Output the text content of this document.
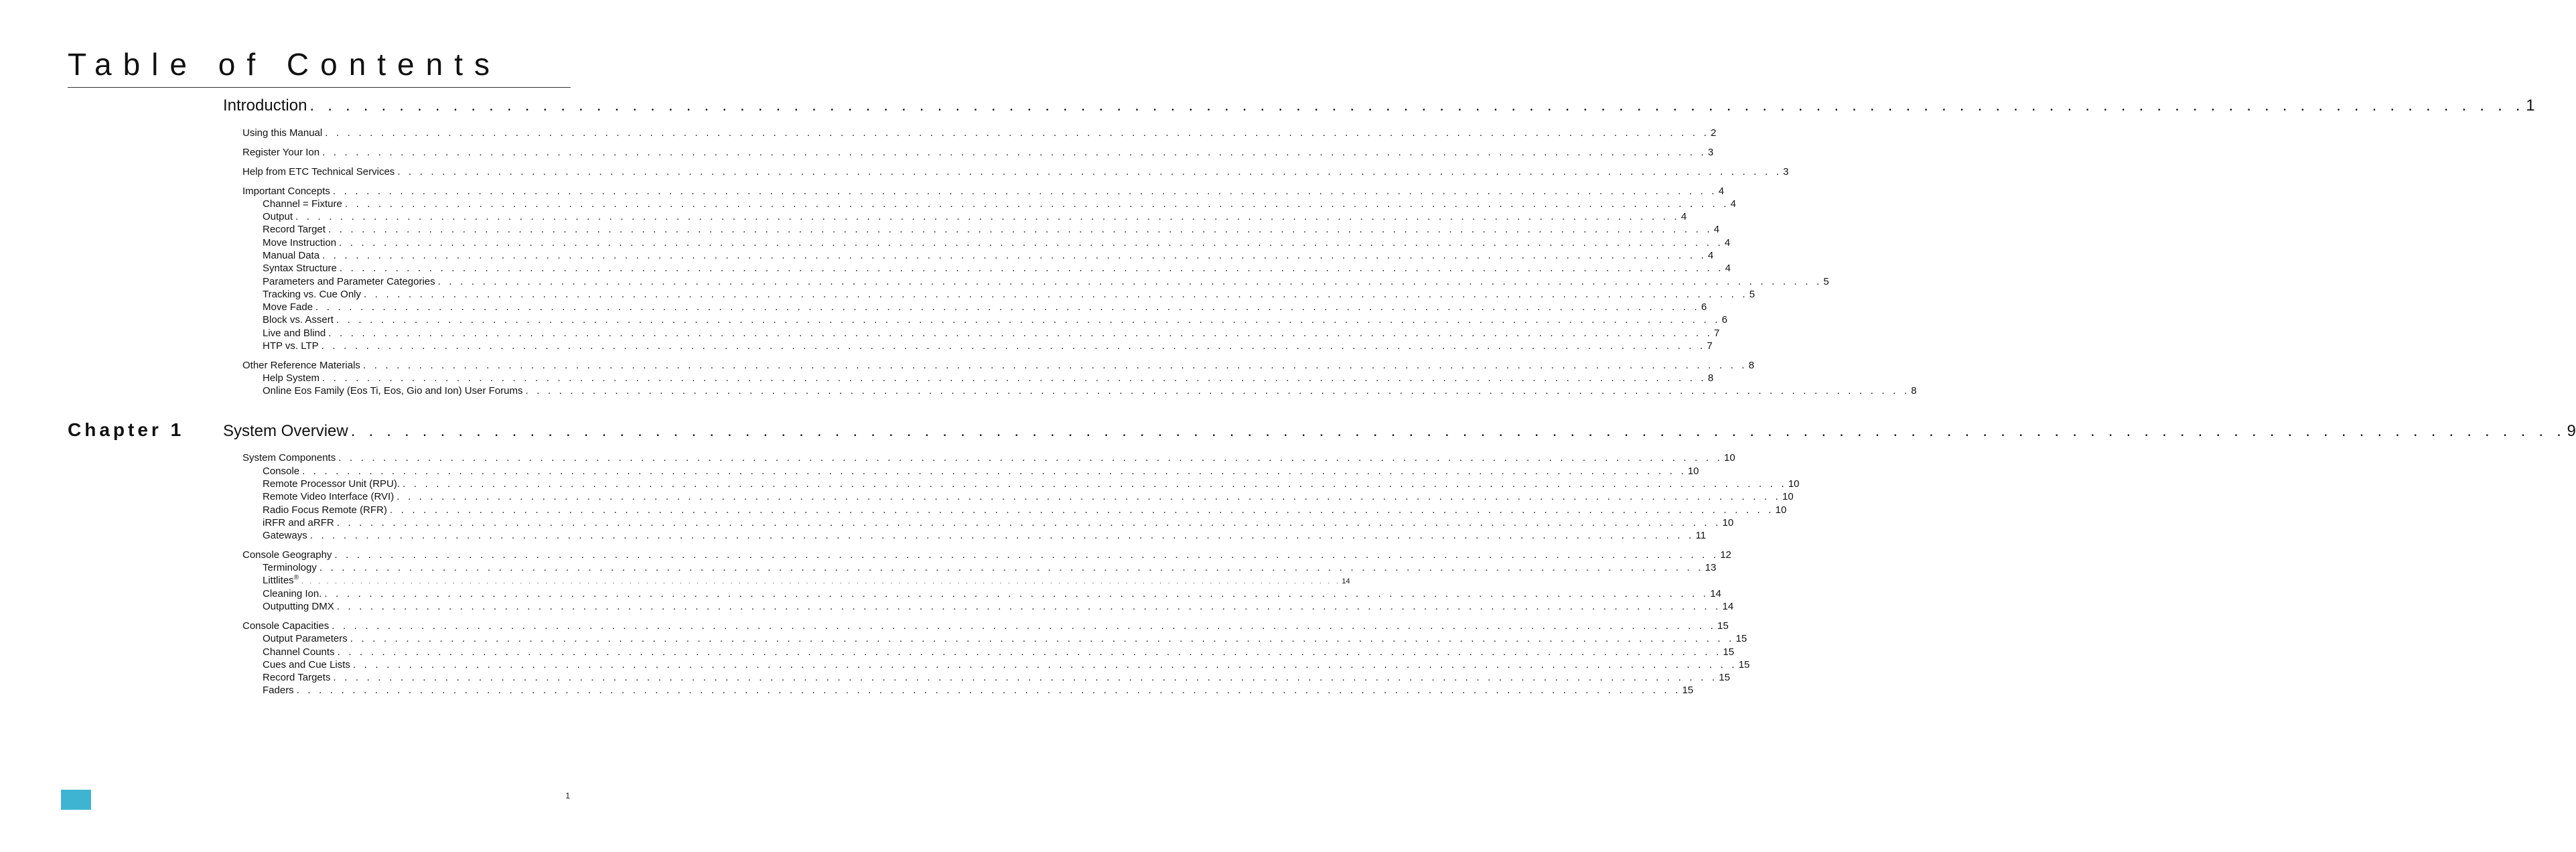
Table of Contents
Chapter 1
Introduction . . . . . . . . . . . . . . . . . . . . . . . . . . . . . . . . . . . . . . . . . . . . . . . . . . . . . . . . . . . . . . . . . . . . . . . . . . . . . . . . . . . . . . . . . . . . . . . . . . . . . . . . . . . . . . . . . . . . . . . . . . . . 1
Using this Manual . . . . . . . . . . . . . . . . . . . . . . . . . . . . . . . . . . . . . . . . . . . . . . . . . . . . . . . . . . . . . . . . . . . . . . . . . . . . . . . . . . . . . . . . . . . . . . . . . . . . . . . . . . . . . . . . . . . . . . . . . . . . 2
Register Your Ion . . . . . . . . . . . . . . . . . . . . . . . . . . . . . . . . . . . . . . . . . . . . . . . . . . . . . . . . . . . . . . . . . . . . . . . . . . . . . . . . . . . . . . . . . . . . . . . . . . . . . . . . . . . . . . . . . . . . . . . . . . . . 3
Help from ETC Technical Services . . . . . . . . . . . . . . . . . . . . . . . . . . . . . . . . . . . . . . . . . . . . . . . . . . . . . . . . . . . . . . . . . . . . . . . . . . . . . . . . . . . . . . . . . . . . . . . . . . . . . . . . . . . . . . . . . . . . . . . . . . . . 3
Important Concepts . . . . . . . . . . . . . . . . . . . . . . . . . . . . . . . . . . . . . . . . . . . . . . . . . . . . . . . . . . . . . . . . . . . . . . . . . . . . . . . . . . . . . . . . . . . . . . . . . . . . . . . . . . . . . . . . . . . . . . . . . . . . 4
Channel = Fixture . . . . . . . . . . . . . . . . . . . . . . . . . . . . . . . . . . . . . . . . . . . . . . . . . . . . . . . . . . . . . . . . . . . . . . . . . . . . . . . . . . . . . . . . . . . . . . . . . . . . . . . . . . . . . . . . . . . . . . . . . . . . 4
Output . . . . . . . . . . . . . . . . . . . . . . . . . . . . . . . . . . . . . . . . . . . . . . . . . . . . . . . . . . . . . . . . . . . . . . . . . . . . . . . . . . . . . . . . . . . . . . . . . . . . . . . . . . . . . . . . . . . . . . . . . . . . 4
Record Target . . . . . . . . . . . . . . . . . . . . . . . . . . . . . . . . . . . . . . . . . . . . . . . . . . . . . . . . . . . . . . . . . . . . . . . . . . . . . . . . . . . . . . . . . . . . . . . . . . . . . . . . . . . . . . . . . . . . . . . . . . . . 4
Move Instruction . . . . . . . . . . . . . . . . . . . . . . . . . . . . . . . . . . . . . . . . . . . . . . . . . . . . . . . . . . . . . . . . . . . . . . . . . . . . . . . . . . . . . . . . . . . . . . . . . . . . . . . . . . . . . . . . . . . . . . . . . . . . 4
Manual Data . . . . . . . . . . . . . . . . . . . . . . . . . . . . . . . . . . . . . . . . . . . . . . . . . . . . . . . . . . . . . . . . . . . . . . . . . . . . . . . . . . . . . . . . . . . . . . . . . . . . . . . . . . . . . . . . . . . . . . . . . . . . 4
Syntax Structure . . . . . . . . . . . . . . . . . . . . . . . . . . . . . . . . . . . . . . . . . . . . . . . . . . . . . . . . . . . . . . . . . . . . . . . . . . . . . . . . . . . . . . . . . . . . . . . . . . . . . . . . . . . . . . . . . . . . . . . . . . . . 4
Parameters and Parameter Categories . . . . . . . . . . . . . . . . . . . . . . . . . . . . . . . . . . . . . . . . . . . . . . . . . . . . . . . . . . . . . . . . . . . . . . . . . . . . . . . . . . . . . . . . . . . . . . . . . . . . . . . . . . . . . . . . . . . . . . . . . . . . 5
Tracking vs. Cue Only . . . . . . . . . . . . . . . . . . . . . . . . . . . . . . . . . . . . . . . . . . . . . . . . . . . . . . . . . . . . . . . . . . . . . . . . . . . . . . . . . . . . . . . . . . . . . . . . . . . . . . . . . . . . . . . . . . . . . . . . . . . . 5
Move Fade . . . . . . . . . . . . . . . . . . . . . . . . . . . . . . . . . . . . . . . . . . . . . . . . . . . . . . . . . . . . . . . . . . . . . . . . . . . . . . . . . . . . . . . . . . . . . . . . . . . . . . . . . . . . . . . . . . . . . . . . . . . . 6
Block vs. Assert . . . . . . . . . . . . . . . . . . . . . . . . . . . . . . . . . . . . . . . . . . . . . . . . . . . . . . . . . . . . . . . . . . . . . . . . . . . . . . . . . . . . . . . . . . . . . . . . . . . . . . . . . . . . . . . . . . . . . . . . . . . . 6
Live and Blind . . . . . . . . . . . . . . . . . . . . . . . . . . . . . . . . . . . . . . . . . . . . . . . . . . . . . . . . . . . . . . . . . . . . . . . . . . . . . . . . . . . . . . . . . . . . . . . . . . . . . . . . . . . . . . . . . . . . . . . . . . . . 7
HTP vs. LTP . . . . . . . . . . . . . . . . . . . . . . . . . . . . . . . . . . . . . . . . . . . . . . . . . . . . . . . . . . . . . . . . . . . . . . . . . . . . . . . . . . . . . . . . . . . . . . . . . . . . . . . . . . . . . . . . . . . . . . . . . . . . 7
Other Reference Materials . . . . . . . . . . . . . . . . . . . . . . . . . . . . . . . . . . . . . . . . . . . . . . . . . . . . . . . . . . . . . . . . . . . . . . . . . . . . . . . . . . . . . . . . . . . . . . . . . . . . . . . . . . . . . . . . . . . . . . . . . . . . 8
Help System . . . . . . . . . . . . . . . . . . . . . . . . . . . . . . . . . . . . . . . . . . . . . . . . . . . . . . . . . . . . . . . . . . . . . . . . . . . . . . . . . . . . . . . . . . . . . . . . . . . . . . . . . . . . . . . . . . . . . . . . . . . . 8
Online Eos Family (Eos Ti, Eos, Gio and Ion) User Forums . . . . . . . . . . . . . . . . . . . . . . . . . . . . . . . . . . . . . . . . . . . . . . . . . . . . . . . . . . . . . . . . . . . . . . . . . . . . . . . . . . . . . . . . . . . . . . . . . . . . . . . . . . . . . . . . . . . . . . . . . . . . 8
System Overview . . . . . . . . . . . . . . . . . . . . . . . . . . . . . . . . . . . . . . . . . . . . . . . . . . . . . . . . . . . . . . . . . . . . . . . . . . . . . . . . . . . . . . . . . . . . . . . . . . . . . . . . . . . . . . . . . . . . . . . . . . . . 9
System Components . . . . . . . . . . . . . . . . . . . . . . . . . . . . . . . . . . . . . . . . . . . . . . . . . . . . . . . . . . . . . . . . . . . . . . . . . . . . . . . . . . . . . . . . . . . . . . . . . . . . . . . . . . . . . . . . . . . . . . . . . . . . 10
Console . . . . . . . . . . . . . . . . . . . . . . . . . . . . . . . . . . . . . . . . . . . . . . . . . . . . . . . . . . . . . . . . . . . . . . . . . . . . . . . . . . . . . . . . . . . . . . . . . . . . . . . . . . . . . . . . . . . . . . . . . . . . 10
Remote Processor Unit (RPU). . . . . . . . . . . . . . . . . . . . . . . . . . . . . . . . . . . . . . . . . . . . . . . . . . . . . . . . . . . . . . . . . . . . . . . . . . . . . . . . . . . . . . . . . . . . . . . . . . . . . . . . . . . . . . . . . . . . . . . . . . . . . 10
Remote Video Interface (RVI) . . . . . . . . . . . . . . . . . . . . . . . . . . . . . . . . . . . . . . . . . . . . . . . . . . . . . . . . . . . . . . . . . . . . . . . . . . . . . . . . . . . . . . . . . . . . . . . . . . . . . . . . . . . . . . . . . . . . . . . . . . . . 10
Radio Focus Remote (RFR) . . . . . . . . . . . . . . . . . . . . . . . . . . . . . . . . . . . . . . . . . . . . . . . . . . . . . . . . . . . . . . . . . . . . . . . . . . . . . . . . . . . . . . . . . . . . . . . . . . . . . . . . . . . . . . . . . . . . . . . . . . . . 10
iRFR and aRFR . . . . . . . . . . . . . . . . . . . . . . . . . . . . . . . . . . . . . . . . . . . . . . . . . . . . . . . . . . . . . . . . . . . . . . . . . . . . . . . . . . . . . . . . . . . . . . . . . . . . . . . . . . . . . . . . . . . . . . . . . . . . 10
Gateways . . . . . . . . . . . . . . . . . . . . . . . . . . . . . . . . . . . . . . . . . . . . . . . . . . . . . . . . . . . . . . . . . . . . . . . . . . . . . . . . . . . . . . . . . . . . . . . . . . . . . . . . . . . . . . . . . . . . . . . . . . . . 11
Console Geography . . . . . . . . . . . . . . . . . . . . . . . . . . . . . . . . . . . . . . . . . . . . . . . . . . . . . . . . . . . . . . . . . . . . . . . . . . . . . . . . . . . . . . . . . . . . . . . . . . . . . . . . . . . . . . . . . . . . . . . . . . . . 12
Terminology . . . . . . . . . . . . . . . . . . . . . . . . . . . . . . . . . . . . . . . . . . . . . . . . . . . . . . . . . . . . . . . . . . . . . . . . . . . . . . . . . . . . . . . . . . . . . . . . . . . . . . . . . . . . . . . . . . . . . . . . . . . . 13
Littlites® . . . . . . . . . . . . . . . . . . . . . . . . . . . . . . . . . . . . . . . . . . . . . . . . . . . . . . . . . . . . . . . . . . . . . . . . . . . . . . . . . . . . . . . . . . . . . . . . . . . . . . . . . . . . . . . . . . . . . . . . . . . . 14
Cleaning Ion. . . . . . . . . . . . . . . . . . . . . . . . . . . . . . . . . . . . . . . . . . . . . . . . . . . . . . . . . . . . . . . . . . . . . . . . . . . . . . . . . . . . . . . . . . . . . . . . . . . . . . . . . . . . . . . . . . . . . . . . . . . . . 14
Outputting DMX . . . . . . . . . . . . . . . . . . . . . . . . . . . . . . . . . . . . . . . . . . . . . . . . . . . . . . . . . . . . . . . . . . . . . . . . . . . . . . . . . . . . . . . . . . . . . . . . . . . . . . . . . . . . . . . . . . . . . . . . . . . . 14
Console Capacities . . . . . . . . . . . . . . . . . . . . . . . . . . . . . . . . . . . . . . . . . . . . . . . . . . . . . . . . . . . . . . . . . . . . . . . . . . . . . . . . . . . . . . . . . . . . . . . . . . . . . . . . . . . . . . . . . . . . . . . . . . . . 15
Output Parameters . . . . . . . . . . . . . . . . . . . . . . . . . . . . . . . . . . . . . . . . . . . . . . . . . . . . . . . . . . . . . . . . . . . . . . . . . . . . . . . . . . . . . . . . . . . . . . . . . . . . . . . . . . . . . . . . . . . . . . . . . . . . 15
Channel Counts . . . . . . . . . . . . . . . . . . . . . . . . . . . . . . . . . . . . . . . . . . . . . . . . . . . . . . . . . . . . . . . . . . . . . . . . . . . . . . . . . . . . . . . . . . . . . . . . . . . . . . . . . . . . . . . . . . . . . . . . . . . . 15
Cues and Cue Lists . . . . . . . . . . . . . . . . . . . . . . . . . . . . . . . . . . . . . . . . . . . . . . . . . . . . . . . . . . . . . . . . . . . . . . . . . . . . . . . . . . . . . . . . . . . . . . . . . . . . . . . . . . . . . . . . . . . . . . . . . . . . 15
Record Targets . . . . . . . . . . . . . . . . . . . . . . . . . . . . . . . . . . . . . . . . . . . . . . . . . . . . . . . . . . . . . . . . . . . . . . . . . . . . . . . . . . . . . . . . . . . . . . . . . . . . . . . . . . . . . . . . . . . . . . . . . . . . 15
Faders . . . . . . . . . . . . . . . . . . . . . . . . . . . . . . . . . . . . . . . . . . . . . . . . . . . . . . . . . . . . . . . . . . . . . . . . . . . . . . . . . . . . . . . . . . . . . . . . . . . . . . . . . . . . . . . . . . . . . . . . . . . . 15
1
